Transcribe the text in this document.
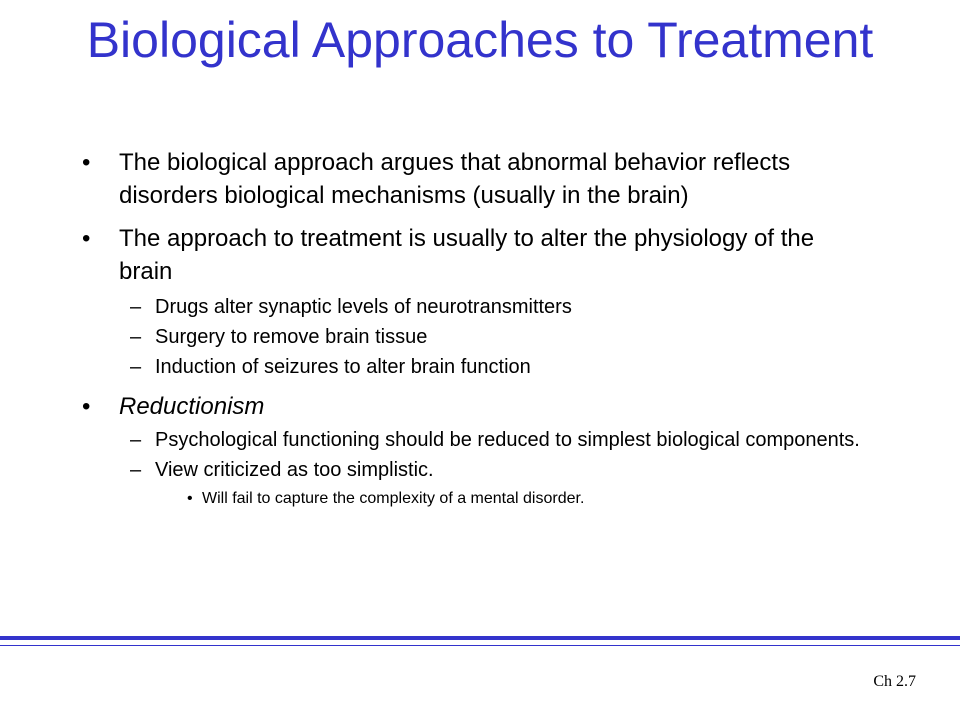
Biological Approaches to Treatment
• The biological approach argues that abnormal behavior reflects disorders biological mechanisms (usually in the brain)
• The approach to treatment is usually to alter the physiology of the brain
– Drugs alter synaptic levels of neurotransmitters
– Surgery to remove brain tissue
– Induction of seizures to alter brain function
• Reductionism
– Psychological functioning should be reduced to simplest biological components.
– View criticized as too simplistic.
• Will fail to capture the complexity of a mental disorder.
Ch 2.7
